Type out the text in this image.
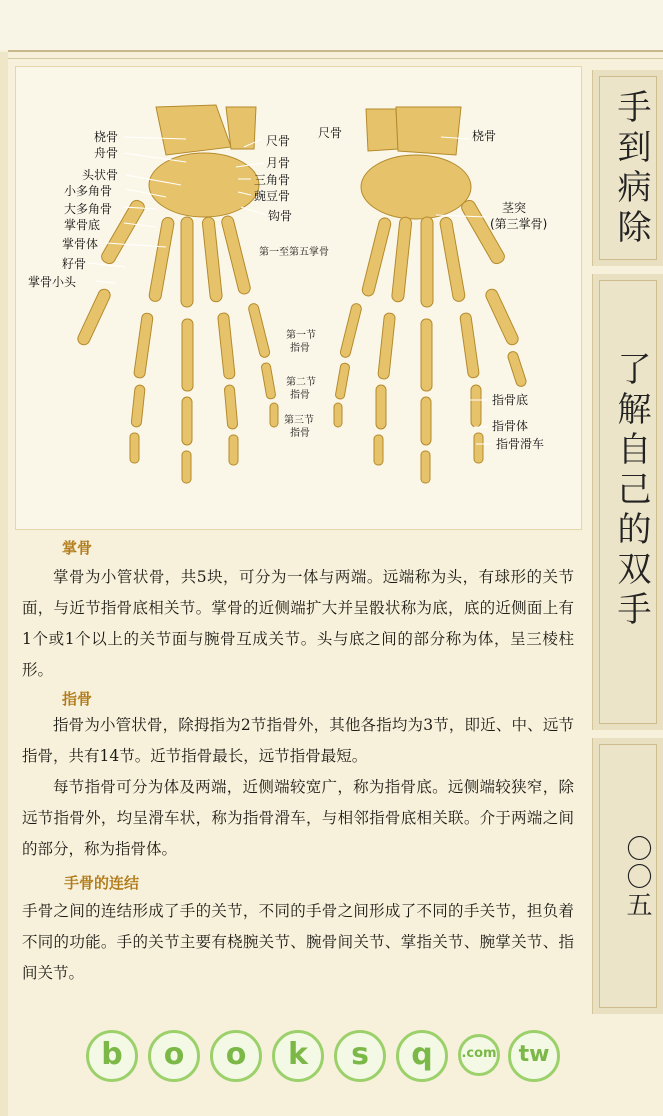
桡骨
舟骨
头状骨
小多角骨
大多角骨
掌骨底
掌骨体
籽骨
掌骨小头
尺骨
月骨
三角骨
豌豆骨
钩骨
第一至第五掌骨
第一节
指骨
第二节
指骨
第三节
指骨
尺骨	桡骨
茎突
(第三掌骨)
指骨底
指骨体
指骨滑车
手到病除
了解自己的双手
〇〇五
掌骨

掌骨为小管状骨，共5块，可分为一体与两端。远端称为头，有球形的关节面，与近节指骨底相关节。掌骨的近侧端扩大并呈骰状称为底，底的近侧面上有1个或1个以上的关节面与腕骨互成关节。头与底之间的部分称为体，呈三棱柱形。

指骨

指骨为小管状骨，除拇指为2节指骨外，其他各指均为3节，即近、中、远节指骨，共有14节。近节指骨最长，远节指骨最短。

每节指骨可分为体及两端，近侧端较宽广，称为指骨底。远侧端较狭窄，除远节指骨外，均呈滑车状，称为指骨滑车，与相邻指骨底相关联。介于两端之间的部分，称为指骨体。

手骨的连结

手骨之间的连结形成了手的关节，不同的手骨之间形成了不同的手关节，担负着不同的功能。手的关节主要有桡腕关节、腕骨间关节、掌指关节、腕掌关节、指间关节。

b	o	o	k	s	q	.com	tw
